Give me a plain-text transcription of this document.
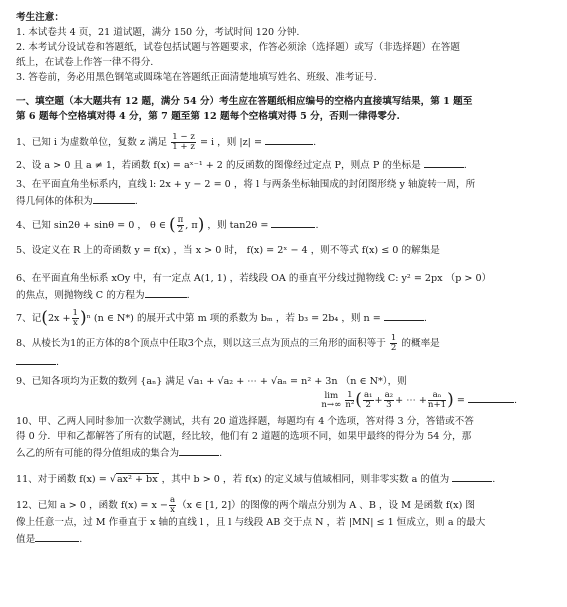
考生注意：
1. 本试卷共 4 页，21 道试题，满分 150 分，考试时间 120 分钟.
2. 本考试分设试卷和答题纸，试卷包括试题与答题要求，作答必须涂（选择题）或写（非选择题）在答题
纸上，在试卷上作答一律不得分.
3. 答卷前，务必用黑色钢笔或圆珠笔在答题纸正面清楚地填写姓名、班级、准考证号.
一、填空题（本大题共有 12 题，满分 54 分）考生应在答题纸相应编号的空格内直接填写结果，第 1 题至
第 6 题每个空格填对得 4 分，第 7 题至第 12 题每个空格填对得 5 分，否则一律得零分.
1、已知 i 为虚数单位，复数 z 满足 $\frac{1 - z}{1 + z} = i$ ，则 |z| =	.
2、设 a > 0 且 a ≠ 1，若函数 f(x) = aˣ⁻¹ + 2 的反函数的图像经过定点 P，则点 P 的坐标是	.
3、在平面直角坐标系内，直线 l: 2x + y − 2 = 0 ，将 l 与两条坐标轴围成的封闭图形绕 y 轴旋转一周，所
得几何体的体积为	.
4、已知 sin2θ + sinθ = 0 ， θ ∈ ( $\frac{\pi}{2}$ , π) ，则 tan2θ =	.
5、设定义在 R 上的奇函数 y = f(x) ，当 x > 0 时， f(x) = 2ˣ − 4 ，则不等式 f(x) ≤ 0 的解集是
6、在平面直角坐标系 xOy 中，有一定点 A(1, 1) ，若线段 OA 的垂直平分线过抛物线 C: y² = 2px （p > 0）
的焦点，则抛物线 C 的方程为	.
7、记$(2x + \frac{1}{x} )^n$ (n ∈ N*) 的展开式中第 m 项的系数为 bₘ ，若 b₃ = 2b₄ ，则 n =	.
8、从棱长为1的正方体的8个顶点中任取3个点，则以这三点为顶点的三角形的面积等于 $\frac{1}{2}$ 的概率是
.
9、已知各项均为正数的数列 {aₙ} 满足 √a₁ + √a₂ + ⋯ + √aₙ = n² + 3n （n ∈ N*），则
lim
n→∞
$\frac{1}{\text{n²}}$ ( $\frac{\text{a₁}}{2} + \frac{\text{a₂}}{3}$ + ⋯ + $\frac{\text{aₙ}}{n+1}$ ) =	.
10、甲、乙两人同时参加一次数学测试，共有 20 道选择题，每题均有 4 个选项，答对得 3 分，答错或不答
得 0 分．甲和乙都解答了所有的试题，经比较，他们有 2 道题的选项不同，如果甲最终的得分为 54 分，那
么乙的所有可能的得分值组成的集合为	.
11、对于函数 f(x) = √ax² + bx ，其中 b > 0 ，若 f(x) 的定义域与值域相同，则非零实数 a 的值为	.
12、已知 a > 0 ，函数 $f(x) = x - \frac{a}{x} (x$ ∈ [1, 2]）的图像的两个端点分别为 A 、B ，设 M 是函数 f(x) 图
像上任意一点，过 M 作垂直于 x 轴的直线 l ，且 l 与线段 AB 交于点 N ，若 |MN| ≤ 1 恒成立，则 a 的最大
值是	.
